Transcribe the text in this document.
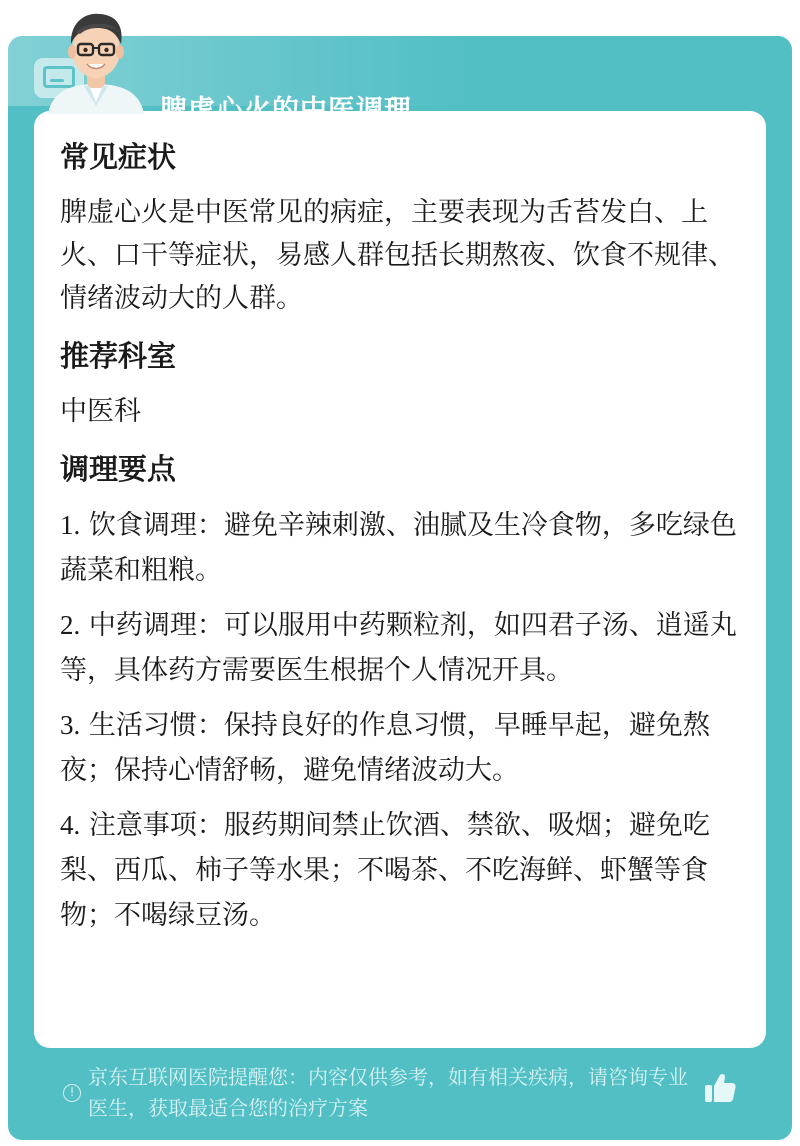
常见症状
脾虚心火是中医常见的病症，主要表现为舌苔发白、上火、口干等症状，易感人群包括长期熬夜、饮食不规律、情绪波动大的人群。
推荐科室
中医科
调理要点
1. 饮食调理：避免辛辣刺激、油腻及生冷食物，多吃绿色蔬菜和粗粮。
2. 中药调理：可以服用中药颗粒剂，如四君子汤、逍遥丸等，具体药方需要医生根据个人情况开具。
3. 生活习惯：保持良好的作息习惯，早睡早起，避免熬夜；保持心情舒畅，避免情绪波动大。
4. 注意事项：服药期间禁止饮酒、禁欲、吸烟；避免吃梨、西瓜、柿子等水果；不喝茶、不吃海鲜、虾蟹等食物；不喝绿豆汤。
!
京东互联网医院提醒您：内容仅供参考，如有相关疾病，请咨询专业医生，获取最适合您的治疗方案
